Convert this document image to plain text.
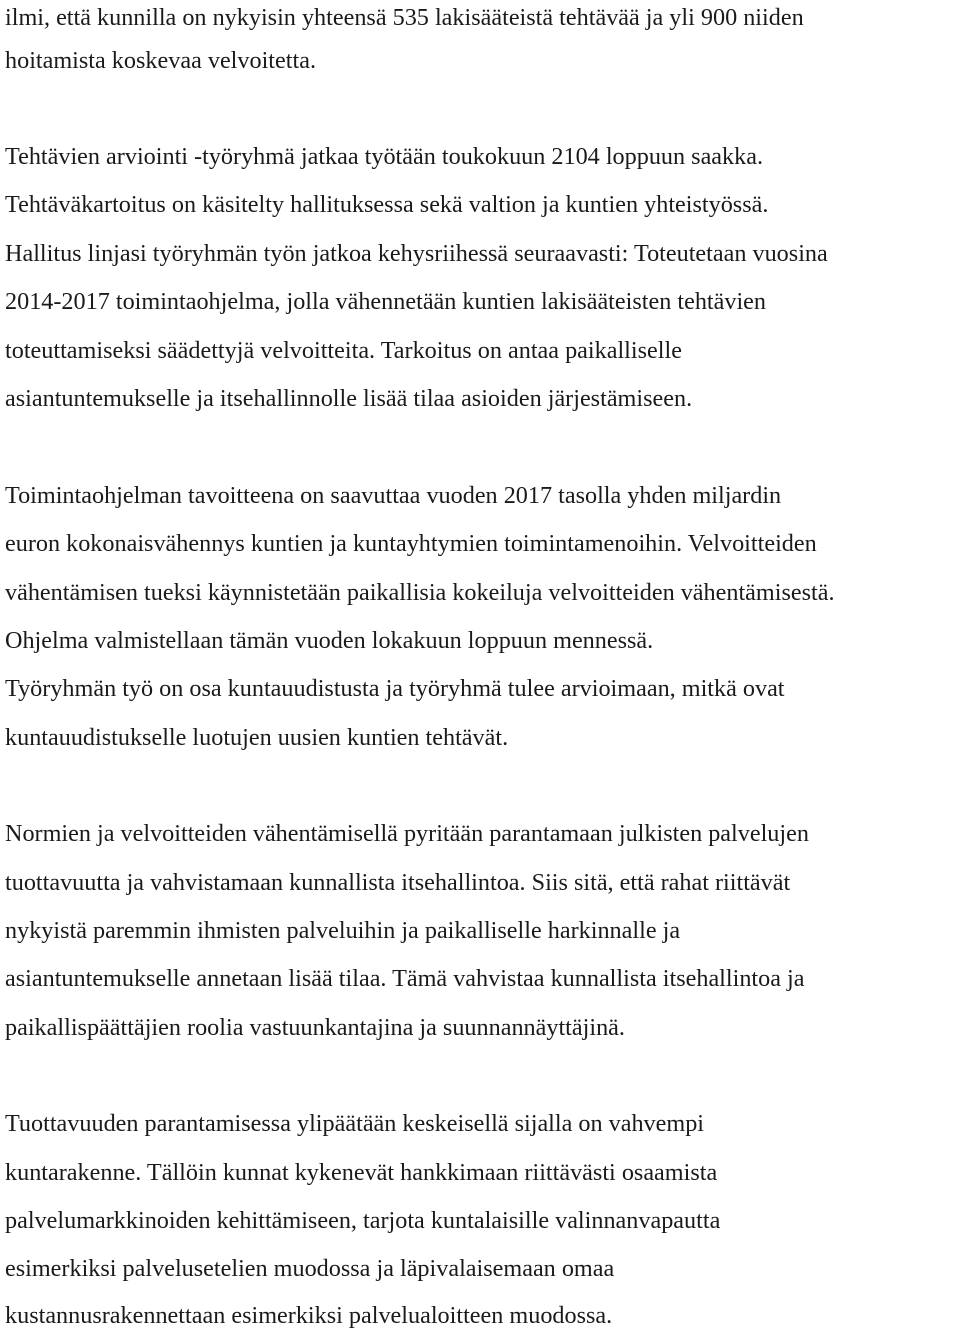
ilmi, että kunnilla on nykyisin yhteensä 535 lakisääteistä tehtävää ja yli 900 niiden
hoitamista koskevaa velvoitetta.
Tehtävien arviointi -työryhmä jatkaa työtään toukokuun 2104 loppuun saakka.
Tehtäväkartoitus on käsitelty hallituksessa sekä valtion ja kuntien yhteistyössä.
Hallitus linjasi työryhmän työn jatkoa kehysriihessä seuraavasti: Toteutetaan vuosina
2014-2017 toimintaohjelma, jolla vähennetään kuntien lakisääteisten tehtävien
toteuttamiseksi säädettyjä velvoitteita. Tarkoitus on antaa paikalliselle
asiantuntemukselle ja itsehallinnolle lisää tilaa asioiden järjestämiseen.
Toimintaohjelman tavoitteena on saavuttaa vuoden 2017 tasolla yhden miljardin
euron kokonaisvähennys kuntien ja kuntayhtymien toimintamenoihin. Velvoitteiden
vähentämisen tueksi käynnistetään paikallisia kokeiluja velvoitteiden vähentämisestä.
Ohjelma valmistellaan tämän vuoden lokakuun loppuun mennessä.
Työryhmän työ on osa kuntauudistusta ja työryhmä tulee arvioimaan, mitkä ovat
kuntauudistukselle luotujen uusien kuntien tehtävät.
Normien ja velvoitteiden vähentämisellä pyritään parantamaan julkisten palvelujen
tuottavuutta ja vahvistamaan kunnallista itsehallintoa. Siis sitä, että rahat riittävät
nykyistä paremmin ihmisten palveluihin ja paikalliselle harkinnalle ja
asiantuntemukselle annetaan lisää tilaa. Tämä vahvistaa kunnallista itsehallintoa ja
paikallispäättäjien roolia vastuunkantajina ja suunnannäyttäjinä.
Tuottavuuden parantamisessa ylipäätään keskeisellä sijalla on vahvempi
kuntarakenne. Tällöin kunnat kykenevät hankkimaan riittävästi osaamista
palvelumarkkinoiden kehittämiseen, tarjota kuntalaisille valinnanvapautta
esimerkiksi palvelusetelien muodossa ja läpivalaisemaan omaa
kustannusrakennettaan esimerkiksi palvelualoitteen muodossa.
